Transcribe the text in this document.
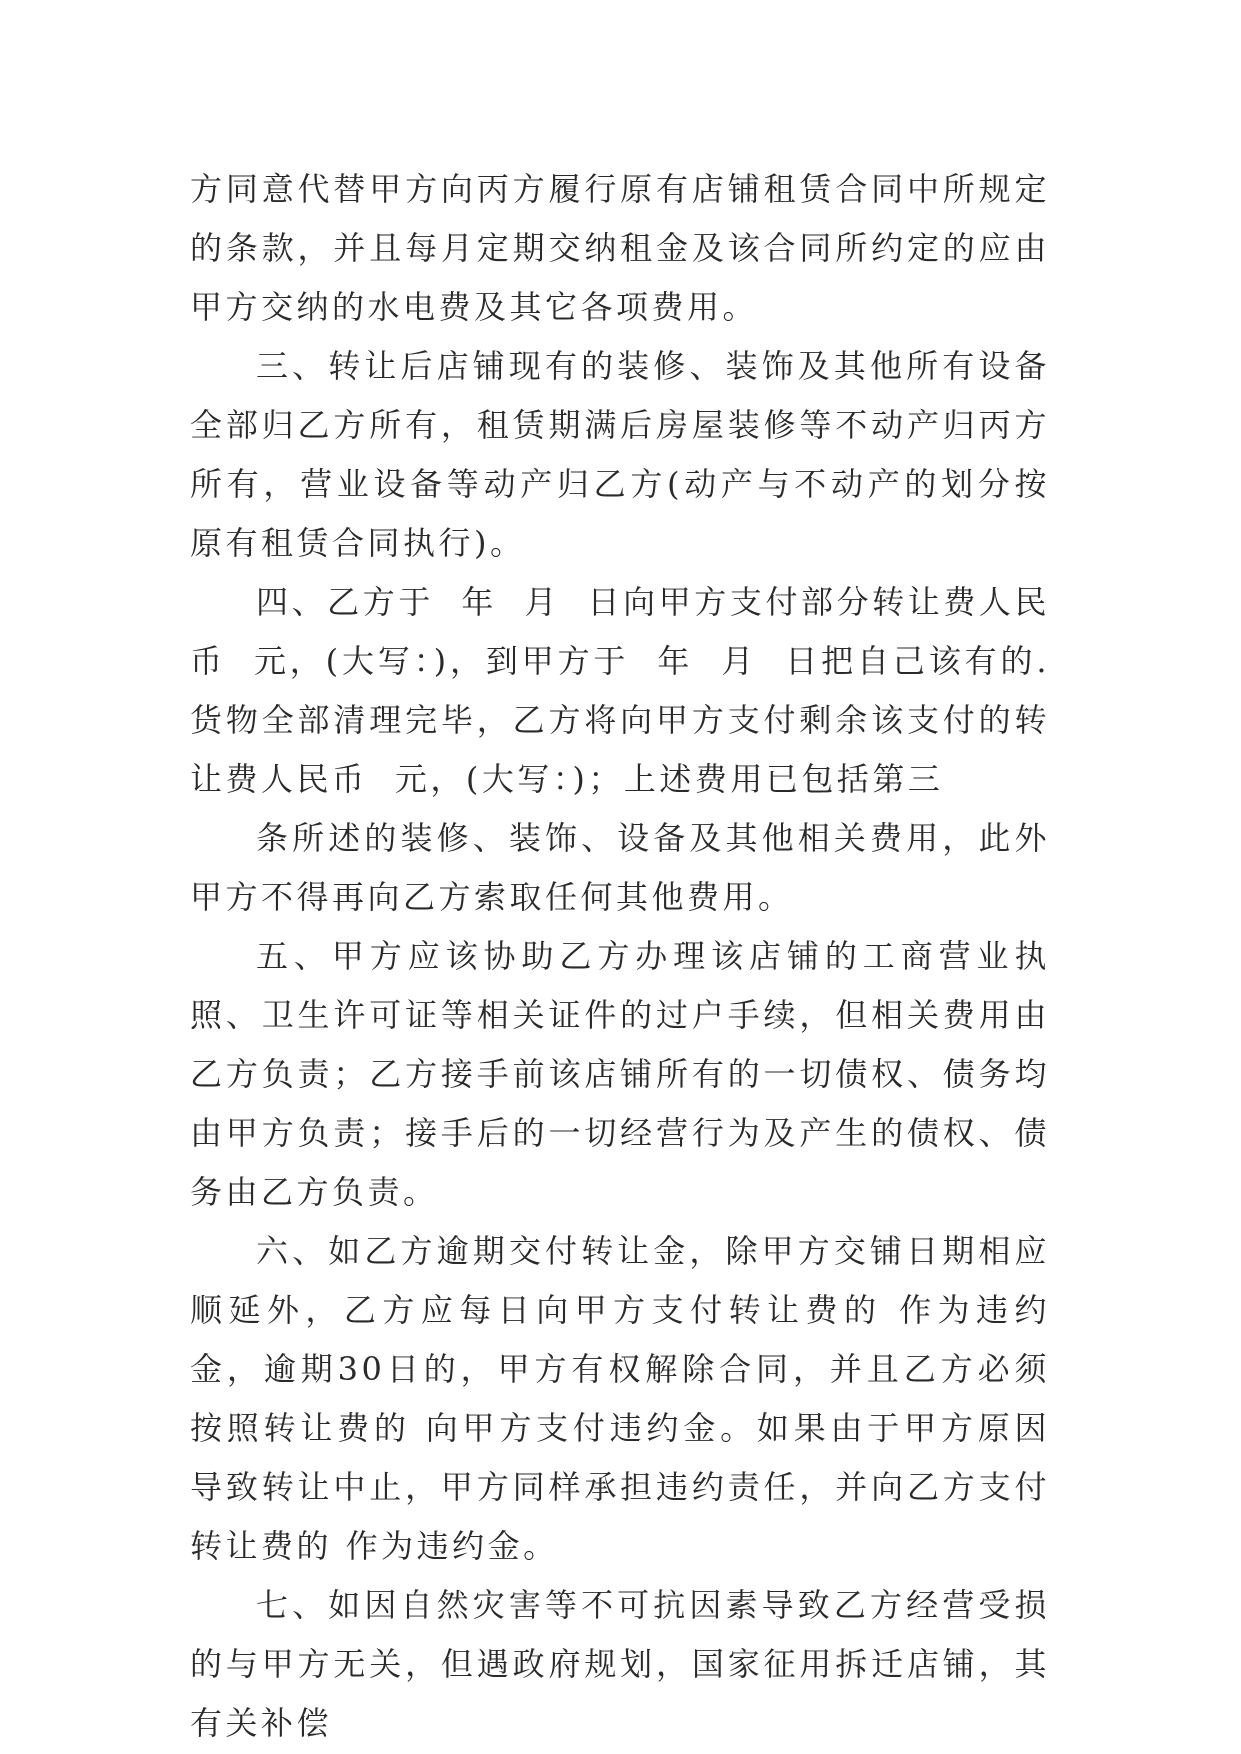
方同意代替甲方向丙方履行原有店铺租赁合同中所规定的条款，并且每月定期交纳租金及该合同所约定的应由甲方交纳的水电费及其它各项费用。

三、转让后店铺现有的装修、装饰及其他所有设备全部归乙方所有，租赁期满后房屋装修等不动产归丙方所有，营业设备等动产归乙方(动产与不动产的划分按原有租赁合同执行)。

四、乙方于  年  月  日向甲方支付部分转让费人民币  元，(大写：)，到甲方于  年  月  日把自己该有的.货物全部清理完毕，乙方将向甲方支付剩余该支付的转让费人民币  元，(大写：)；上述费用已包括第三

条所述的装修、装饰、设备及其他相关费用，此外甲方不得再向乙方索取任何其他费用。

五、甲方应该协助乙方办理该店铺的工商营业执照、卫生许可证等相关证件的过户手续，但相关费用由乙方负责；乙方接手前该店铺所有的一切债权、债务均由甲方负责；接手后的一切经营行为及产生的债权、债务由乙方负责。

六、如乙方逾期交付转让金，除甲方交铺日期相应顺延外，乙方应每日向甲方支付转让费的 作为违约金，逾期30日的，甲方有权解除合同，并且乙方必须按照转让费的 向甲方支付违约金。如果由于甲方原因导致转让中止，甲方同样承担违约责任，并向乙方支付转让费的 作为违约金。

七、如因自然灾害等不可抗因素导致乙方经营受损的与甲方无关，但遇政府规划，国家征用拆迁店铺，其有关补偿
